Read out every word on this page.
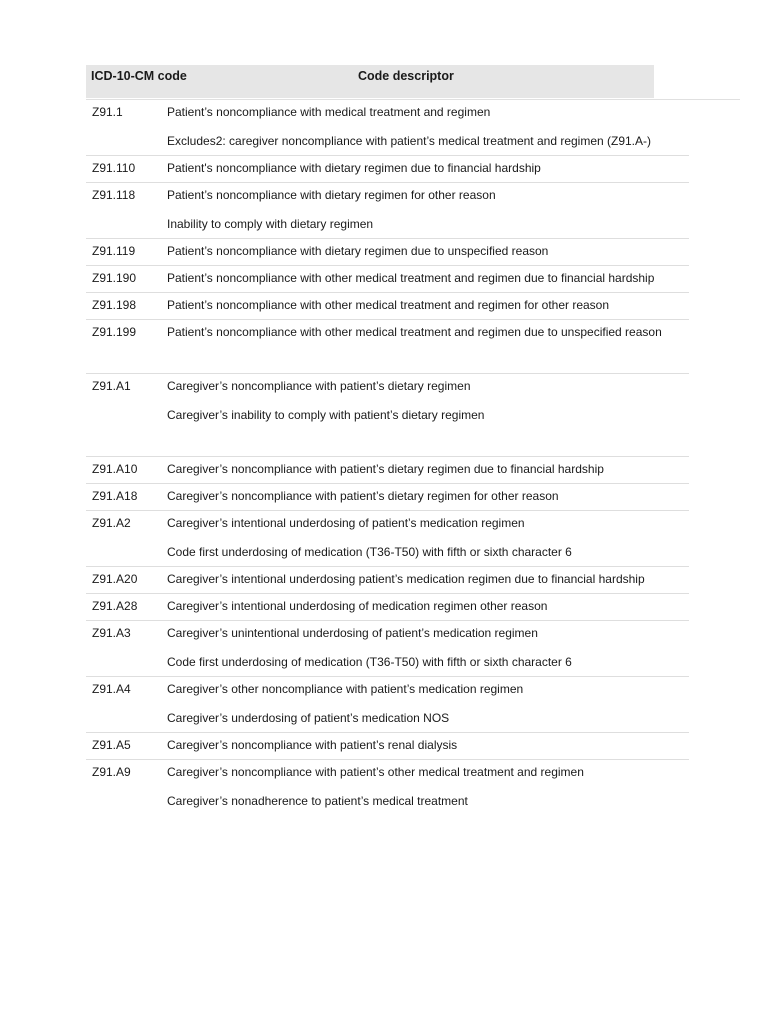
ICD-10-CM code	Code descriptor
Z91.1	Patient’s noncompliance with medical treatment and regimen
Excludes2: caregiver noncompliance with patient’s medical treatment and regimen (Z91.A-)
Z91.110	Patient's noncompliance with dietary regimen due to financial hardship
Z91.118	Patient’s noncompliance with dietary regimen for other reason
Inability to comply with dietary regimen
Z91.119	Patient’s noncompliance with dietary regimen due to unspecified reason
Z91.190	Patient’s noncompliance with other medical treatment and regimen due to financial hardship
Z91.198	Patient’s noncompliance with other medical treatment and regimen for other reason
Z91.199	Patient’s noncompliance with other medical treatment and regimen due to unspecified reason
Z91.A1	Caregiver’s noncompliance with patient’s dietary regimen
Caregiver’s inability to comply with patient’s dietary regimen
Z91.A10 Caregiver’s noncompliance with patient’s dietary regimen due to financial hardship
Z91.A18 Caregiver’s noncompliance with patient’s dietary regimen for other reason
Z91.A2	Caregiver’s intentional underdosing of patient’s medication regimen
Code first underdosing of medication (T36-T50) with fifth or sixth character 6
Z91.A20 Caregiver’s intentional underdosing patient’s medication regimen due to financial hardship
Z91.A28 Caregiver’s intentional underdosing of medication regimen other reason
Z91.A3	Caregiver’s unintentional underdosing of patient’s medication regimen
Code first underdosing of medication (T36-T50) with fifth or sixth character 6
Z91.A4	Caregiver’s other noncompliance with patient’s medication regimen
Caregiver’s underdosing of patient’s medication NOS
Z91.A5	Caregiver’s noncompliance with patient’s renal dialysis
Z91.A9	Caregiver’s noncompliance with patient’s other medical treatment and regimen
Caregiver’s nonadherence to patient’s medical treatment
